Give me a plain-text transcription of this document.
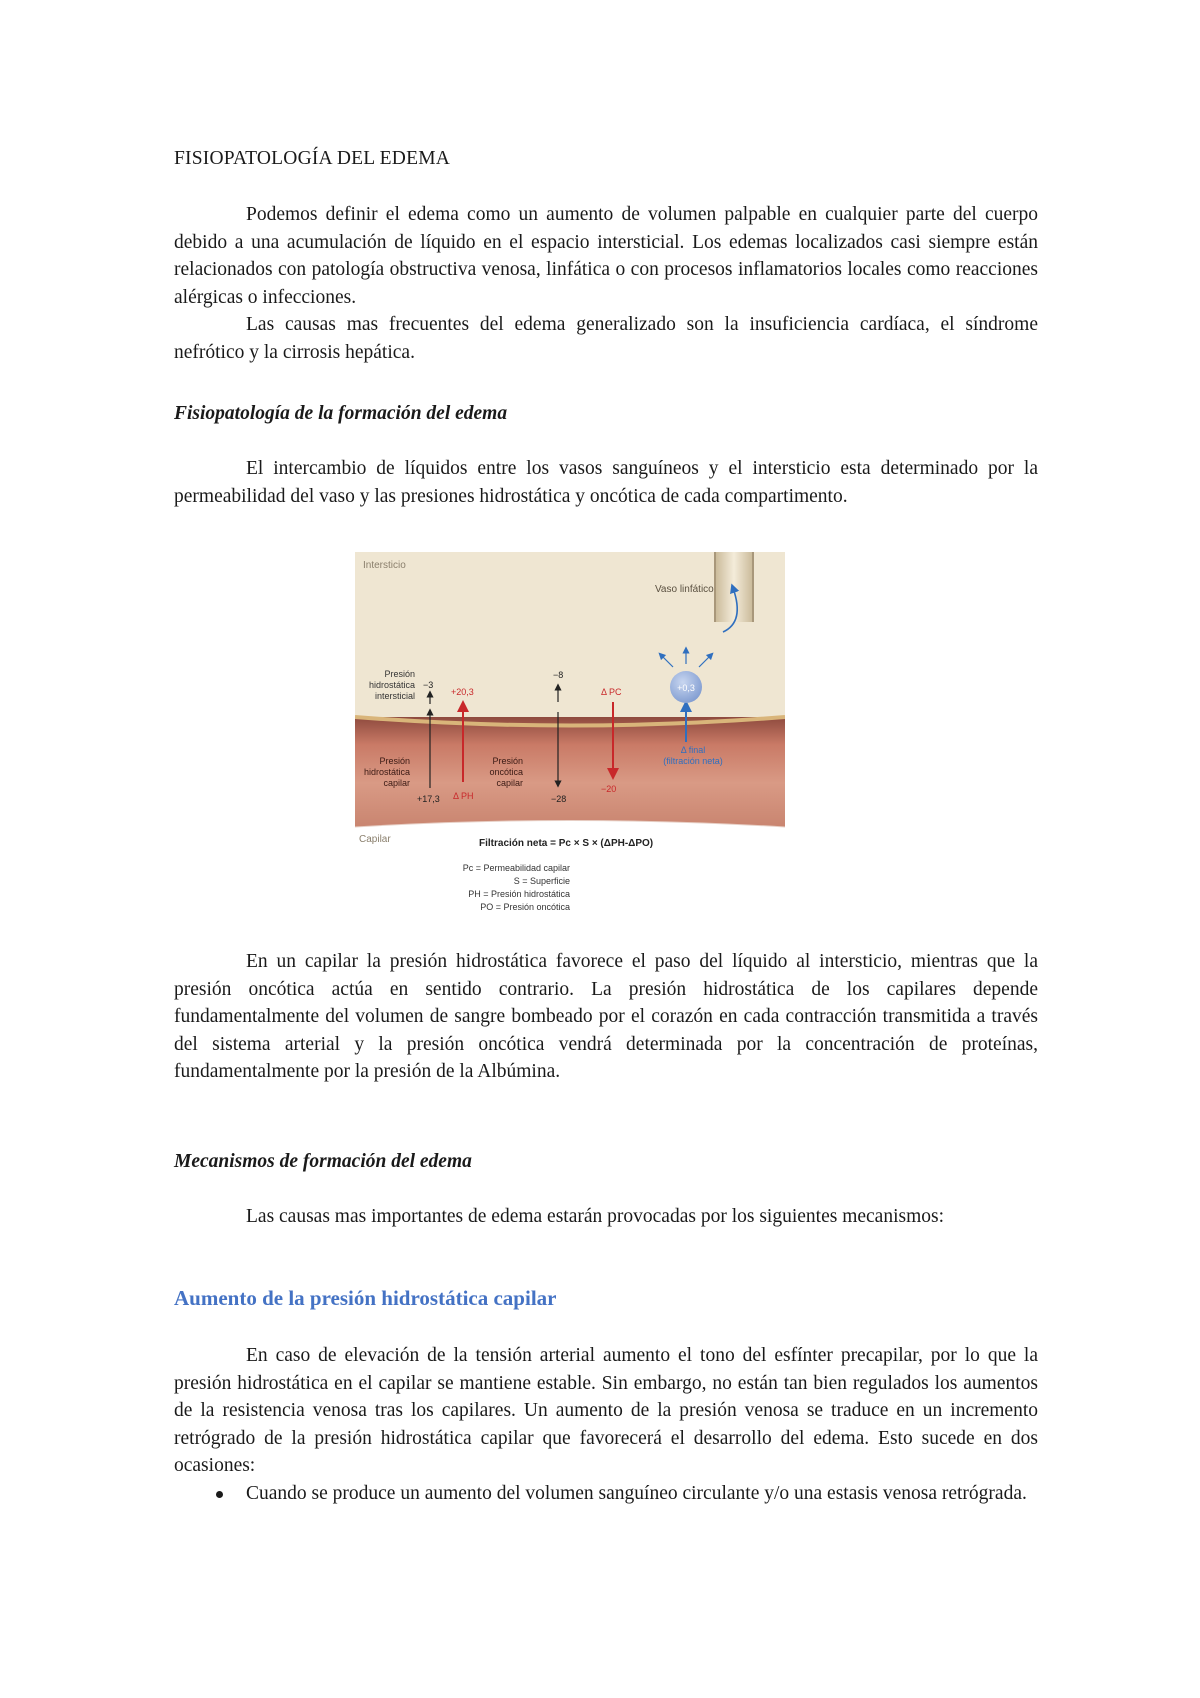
FISIOPATOLOGÍA DEL EDEMA

Podemos definir el edema como un aumento de volumen palpable en cualquier parte del cuerpo debido a una acumulación de líquido en el espacio intersticial. Los edemas localizados casi siempre están relacionados con patología obstructiva venosa, linfática o con procesos inflamatorios locales como reacciones alérgicas o infecciones.

Las causas mas frecuentes del edema generalizado son la insuficiencia cardíaca, el síndrome nefrótico y la cirrosis hepática.

Fisiopatología de la formación del edema

El intercambio de líquidos entre los vasos sanguíneos y el intersticio esta determinado por la permeabilidad del vaso y las presiones hidrostática y oncótica de cada compartimento.

Intersticio
Vaso linfático
Capilar
Presión
hidrostática
intersticial
−3
Presión
hidrostática
capilar
+17,3
+20,3
Δ PH
−8
Presión
oncótica
capilar
−28
Δ PC
−20
+0,3
Δ final
(filtración neta)
Filtración neta = Pc × S × (ΔPH-ΔPO)
Pc = Permeabilidad capilar
S = Superficie
PH = Presión hidrostática
PO = Presión oncótica

En un capilar la presión hidrostática favorece el paso del líquido al intersticio, mientras que la presión oncótica actúa en sentido contrario. La presión hidrostática de los capilares depende fundamentalmente del volumen de sangre bombeado por el corazón en cada contracción transmitida a través del sistema arterial y la presión oncótica vendrá determinada por la concentración de proteínas, fundamentalmente por la presión de la Albúmina.

Mecanismos de formación del edema

Las causas mas importantes de edema estarán provocadas por los siguientes mecanismos:

Aumento de la presión hidrostática capilar

En caso de elevación de la tensión arterial aumento el tono del esfínter precapilar, por lo que la presión hidrostática en el capilar se mantiene estable. Sin embargo, no están tan bien regulados los aumentos de la resistencia venosa tras los capilares. Un aumento de la presión venosa se traduce en un incremento retrógrado de la presión hidrostática capilar que favorecerá el desarrollo del edema. Esto sucede en dos ocasiones:

Cuando se produce un aumento del volumen sanguíneo circulante y/o una estasis venosa retrógrada.
